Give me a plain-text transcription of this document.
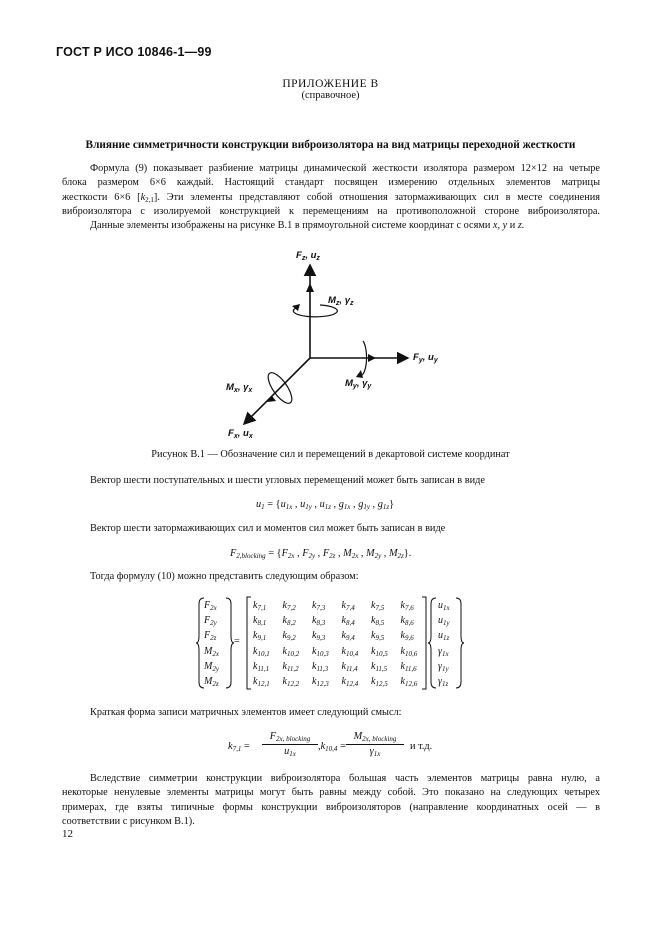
ГОСТ Р ИСО 10846-1—99
ПРИЛОЖЕНИЕ В
(справочное)
Влияние симметричности конструкции виброизолятора на вид матрицы переходной жесткости
Формула (9) показывает разбиение матрицы динамической жесткости изолятора размером 12×12 на четыре
блока размером 6×6 каждый. Настоящий стандарт посвящен измерению отдельных элементов матрицы
жесткости 6×6 $[k_{2,1}]$. Эти элементы представляют собой отношения затормаживающих сил в месте соединения
виброизолятора с изолируемой конструкцией к перемещениям на противоположной стороне виброизолятора.
Данные элементы изображены на рисунке В.1 в прямоугольной системе координат с осями x, y и z.
$F_z$, $u_z$
$M_z$, $\gamma_z$
$F_y$, $u_y$
$M_y$, $\gamma_y$
$M_x$, $\gamma_x$
$F_x$, $u_x$
Рисунок В.1 — Обозначение сил и перемещений в декартовой системе координат
Вектор шести поступательных и шести угловых перемещений может быть записан в виде
$u_1 = \{u_{1x}$ , $u_{1y}$ , $u_{1z}$ , $g_{1x}$ , $g_{1y}$ , $g_{1z}$}
Вектор шести затормаживающих сил и моментов сил может быть записан в виде
$F_{2,blocking} = \{F_{2x}$ , $F_{2y}$ , $F_{2z}$ , $M_{2x}$ , $M_{2y}$ , $M_{2z}$}.
Тогда формулу (10) можно представить следующим образом:
$F_{2x}$
$F_{2y}$
$F_{2z}$
$M_{2x}$
$M_{2y}$
$M_{2z}$
=
$k_{7,1}$	$k_{7,2}$	$k_{7,3}$	$k_{7,4}$	$k_{7,5}$	$k_{7,6}$
$k_{8,1}$	$k_{8,2}$	$k_{8,3}$	$k_{8,4}$	$k_{8,5}$	$k_{8,6}$
$k_{9,1}$	$k_{9,2}$	$k_{9,3}$	$k_{9,4}$	$k_{9,5}$	$k_{9,6}$
$k_{10,1}$	$k_{10,2}$	$k_{10,3}$	$k_{10,4}$	$k_{10,5}$	$k_{10,6}$
$k_{11,1}$	$k_{11,2}$	$k_{11,3}$	$k_{11,4}$	$k_{11,5}$	$k_{11,6}$
$k_{12,1}$	$k_{12,2}$	$k_{12,3}$	$k_{12,4}$	$k_{12,5}$	$k_{12,6}$
$u_{1x}$
$u_{1y}$
$u_{1z}$
$\gamma_{1x}$
$\gamma_{1y}$
$\gamma_{1z}$
Краткая форма записи матричных элементов имеет следующий смысл:
$k_{7,1}$ =
$F_{2x, blocking}$
$u_{1x}$
$,k_{10,4}$ =
$M_{2x, blocking}$
$\gamma_{1x}$
и т.д.
Вследствие симметрии конструкции виброизолятора большая часть элементов матрицы равна нулю, а
некоторые ненулевые элементы матрицы могут быть равны между собой. Это показано на следующих четырех
примерах, где взяты типичные формы конструкции виброизоляторов (направление координатных осей — в
соответствии с рисунком В.1).
12
